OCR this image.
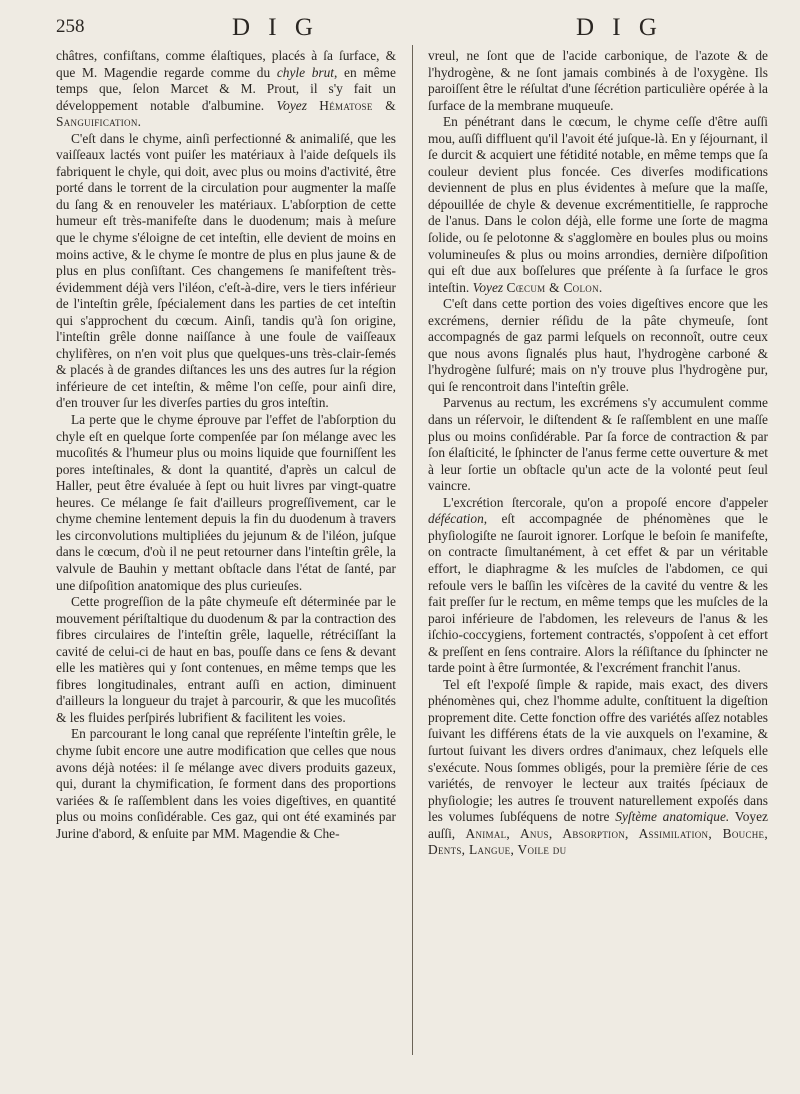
258	D I G	D I G

châtres, confiſtans, comme élaſtiques, placés à ſa ſurface, & que M. Magendie regarde comme du chyle brut, en même temps que, ſelon Marcet & M. Prout, il s'y fait un développement notable d'albumine. Voyez Hématose & Sanguification.

C'eſt dans le chyme, ainſi perfectionné & animaliſé, que les vaiſſeaux lactés vont puiſer les matériaux à l'aide deſquels ils fabriquent le chyle, qui doit, avec plus ou moins d'activité, être porté dans le torrent de la circulation pour augmenter la maſſe du ſang & en renouveler les matériaux. L'abſorption de cette humeur eſt très-manifeſte dans le duodenum; mais à meſure que le chyme s'éloigne de cet inteſtin, elle devient de moins en moins active, & le chyme ſe montre de plus en plus jaune & de plus en plus conſiſtant. Ces changemens ſe manifeſtent très-évidemment déjà vers l'iléon, c'eſt-à-dire, vers le tiers inférieur de l'inteſtin grêle, ſpécialement dans les parties de cet inteſtin qui s'approchent du cœcum. Ainſi, tandis qu'à ſon origine, l'inteſtin grêle donne naiſſance à une foule de vaiſſeaux chylifères, on n'en voit plus que quelques-uns très-clair-ſemés & placés à de grandes diſtances les uns des autres ſur la région inférieure de cet inteſtin, & même l'on ceſſe, pour ainſi dire, d'en trouver ſur les diverſes parties du gros inteſtin.

La perte que le chyme éprouve par l'effet de l'abſorption du chyle eſt en quelque ſorte compenſée par ſon mélange avec les mucoſités & l'humeur plus ou moins liquide que fourniſſent les pores inteſtinales, & dont la quantité, d'après un calcul de Haller, peut être évaluée à ſept ou huit livres par vingt-quatre heures. Ce mélange ſe fait d'ailleurs progreſſivement, car le chyme chemine lentement depuis la fin du duodenum à travers les circonvolutions multipliées du jejunum & de l'iléon, juſque dans le cœcum, d'où il ne peut retourner dans l'inteſtin grêle, la valvule de Bauhin y mettant obſtacle dans l'état de ſanté, par une diſpoſition anatomique des plus curieuſes.

Cette progreſſion de la pâte chymeuſe eſt déterminée par le mouvement périſtaltique du duodenum & par la contraction des fibres circulaires de l'inteſtin grêle, laquelle, rétréciſſant la cavité de celui-ci de haut en bas, pouſſe dans ce ſens & devant elle les matières qui y ſont contenues, en même temps que les fibres longitudinales, entrant auſſi en action, diminuent d'ailleurs la longueur du trajet à parcourir, & que les mucoſités & les fluides perſpirés lubrifient & facilitent les voies.

En parcourant le long canal que repréſente l'inteſtin grêle, le chyme ſubit encore une autre modification que celles que nous avons déjà notées: il ſe mélange avec divers produits gazeux, qui, durant la chymification, ſe forment dans des proportions variées & ſe raſſemblent dans les voies digeſtives, en quantité plus ou moins conſidérable. Ces gaz, qui ont été examinés par Jurine d'abord, & enſuite par MM. Magendie & Che-

vreul, ne ſont que de l'acide carbonique, de l'azote & de l'hydrogène, & ne ſont jamais combinés à de l'oxygène. Ils paroiſſent être le réſultat d'une ſécrétion particulière opérée à la ſurface de la membrane muqueuſe.

En pénétrant dans le cœcum, le chyme ceſſe d'être auſſi mou, auſſi diffluent qu'il l'avoit été juſque-là. En y ſéjournant, il ſe durcit & acquiert une fétidité notable, en même temps que ſa couleur devient plus foncée. Ces diverſes modifications deviennent de plus en plus évidentes à meſure que la maſſe, dépouillée de chyle & devenue excrémentitielle, ſe rapproche de l'anus. Dans le colon déjà, elle forme une ſorte de magma ſolide, ou ſe pelotonne & s'agglomère en boules plus ou moins volumineuſes & plus ou moins arrondies, dernière diſpoſition qui eſt due aux boſſelures que préſente à ſa ſurface le gros inteſtin. Voyez Cœcum & Colon.

C'eſt dans cette portion des voies digeſtives encore que les excrémens, dernier réſidu de la pâte chymeuſe, ſont accompagnés de gaz parmi leſquels on reconnoît, outre ceux que nous avons ſignalés plus haut, l'hydrogène carboné & l'hydrogène ſulfuré; mais on n'y trouve plus l'hydrogène pur, qui ſe rencontroit dans l'inteſtin grêle.

Parvenus au rectum, les excrémens s'y accumulent comme dans un réſervoir, le diſtendent & ſe raſſemblent en une maſſe plus ou moins conſidérable. Par ſa force de contraction & par ſon élaſticité, le ſphincter de l'anus ferme cette ouverture & met à leur ſortie un obſtacle qu'un acte de la volonté peut ſeul vaincre.

L'excrétion ſtercorale, qu'on a propoſé encore d'appeler défécation, eſt accompagnée de phénomènes que le phyſiologiſte ne ſauroit ignorer. Lorſque le beſoin ſe manifeſte, on contracte ſimultanément, à cet effet & par un véritable effort, le diaphragme & les muſcles de l'abdomen, ce qui refoule vers le baſſin les viſcères de la cavité du ventre & les fait preſſer ſur le rectum, en même temps que les muſcles de la paroi inférieure de l'abdomen, les releveurs de l'anus & les iſchio-coccygiens, fortement contractés, s'oppoſent à cet effort & preſſent en ſens contraire. Alors la réſiſtance du ſphincter ne tarde point à être ſurmontée, & l'excrément franchit l'anus.

Tel eſt l'expoſé ſimple & rapide, mais exact, des divers phénomènes qui, chez l'homme adulte, conſtituent la digeſtion proprement dite. Cette fonction offre des variétés aſſez notables ſuivant les différens états de la vie auxquels on l'examine, & ſurtout ſuivant les divers ordres d'animaux, chez leſquels elle s'exécute. Nous ſommes obligés, pour la première ſérie de ces variétés, de renvoyer le lecteur aux traités ſpéciaux de phyſiologie; les autres ſe trouvent naturellement expoſés dans les volumes ſubſéquens de notre Syſtème anatomique. Voyez auſſi, Animal, Anus, Absorption, Assimilation, Bouche, Dents, Langue, Voile du
